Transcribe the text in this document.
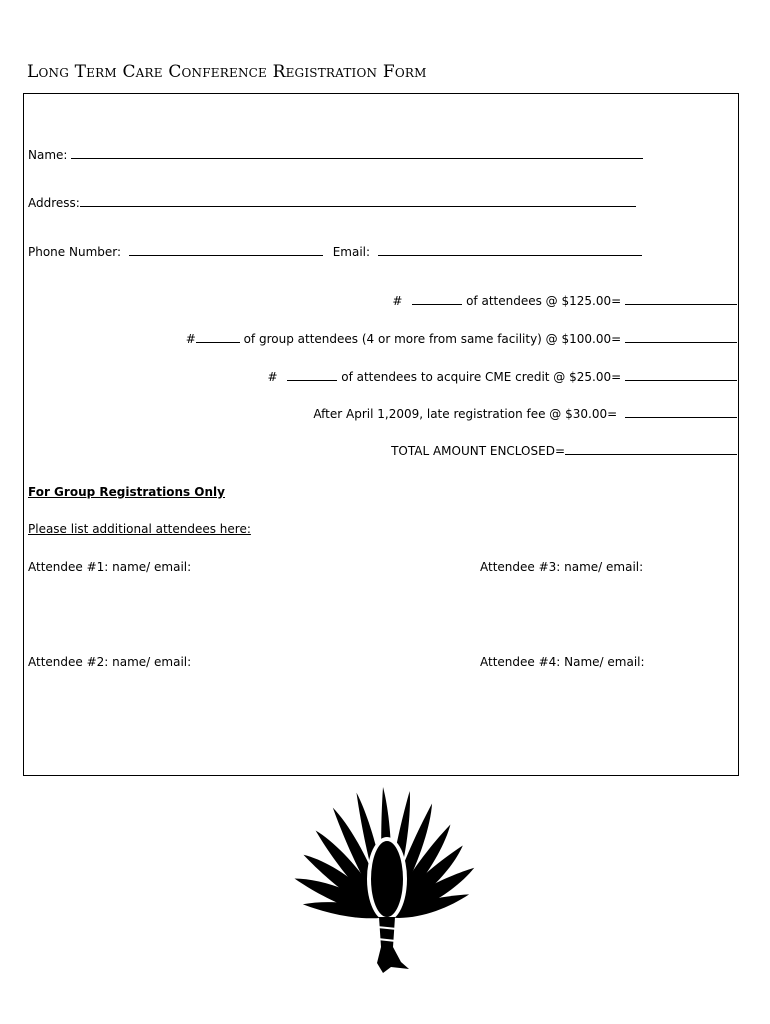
Long Term Care Conference Registration Form
Name:
Address:
Phone Number:	Email:
#	of attendees @ $125.00=
#	of group attendees (4 or more from same facility) @ $100.00=
#	of attendees to acquire CME credit @ $25.00=
After April 1,2009, late registration fee @ $30.00=
TOTAL AMOUNT ENCLOSED=
For Group Registrations Only
Please list additional attendees here:
Attendee #1: name/ email:	Attendee #3: name/ email:
Attendee #2: name/ email:	Attendee #4: Name/ email:
